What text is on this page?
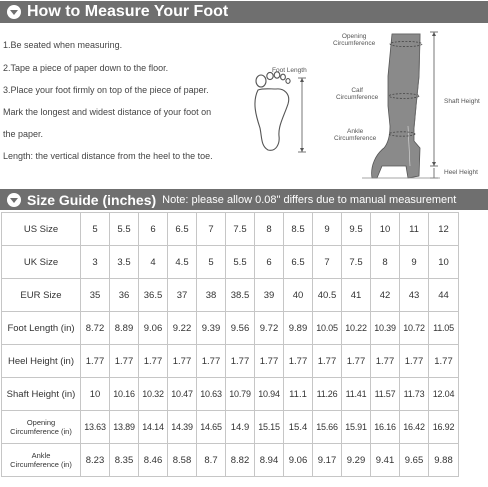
How to Measure Your Foot
1.Be seated when measuring.
2.Tape a piece of paper down to the floor.
3.Place your foot firmly on top of the piece of paper.
Mark the longest and widest distance of your foot on
the paper.
Length: the vertical distance from the heel to the toe.
Foot Length
Opening
Circumference
Calf
Circumference
Ankle
Circumference
Shaft Height
Heel Height
Size Guide (inches) Note: please allow 0.08" differs due to manual measurement
US Size	5	5.5	6	6.5	7	7.5	8	8.5	9	9.5	10	11	12
UK Size	3	3.5	4	4.5	5	5.5	6	6.5	7	7.5	8	9	10
EUR Size	35	36	36.5	37	38	38.5	39	40	40.5	41	42	43	44
Foot Length (in)	8.72	8.89	9.06	9.22	9.39	9.56	9.72	9.89	10.05	10.22	10.39	10.72	11.05
Heel Height (in)	1.77	1.77	1.77	1.77	1.77	1.77	1.77	1.77	1.77	1.77	1.77	1.77	1.77
Shaft Height (in)	10	10.16	10.32	10.47	10.63	10.79	10.94	11.1	11.26	11.41	11.57	11.73	12.04
Opening
Circumference (in)	13.63	13.89	14.14	14.39	14.65	14.9	15.15	15.4	15.66	15.91	16.16	16.42	16.92
Ankle
Circumference (in)	8.23	8.35	8.46	8.58	8.7	8.82	8.94	9.06	9.17	9.29	9.41	9.65	9.88
